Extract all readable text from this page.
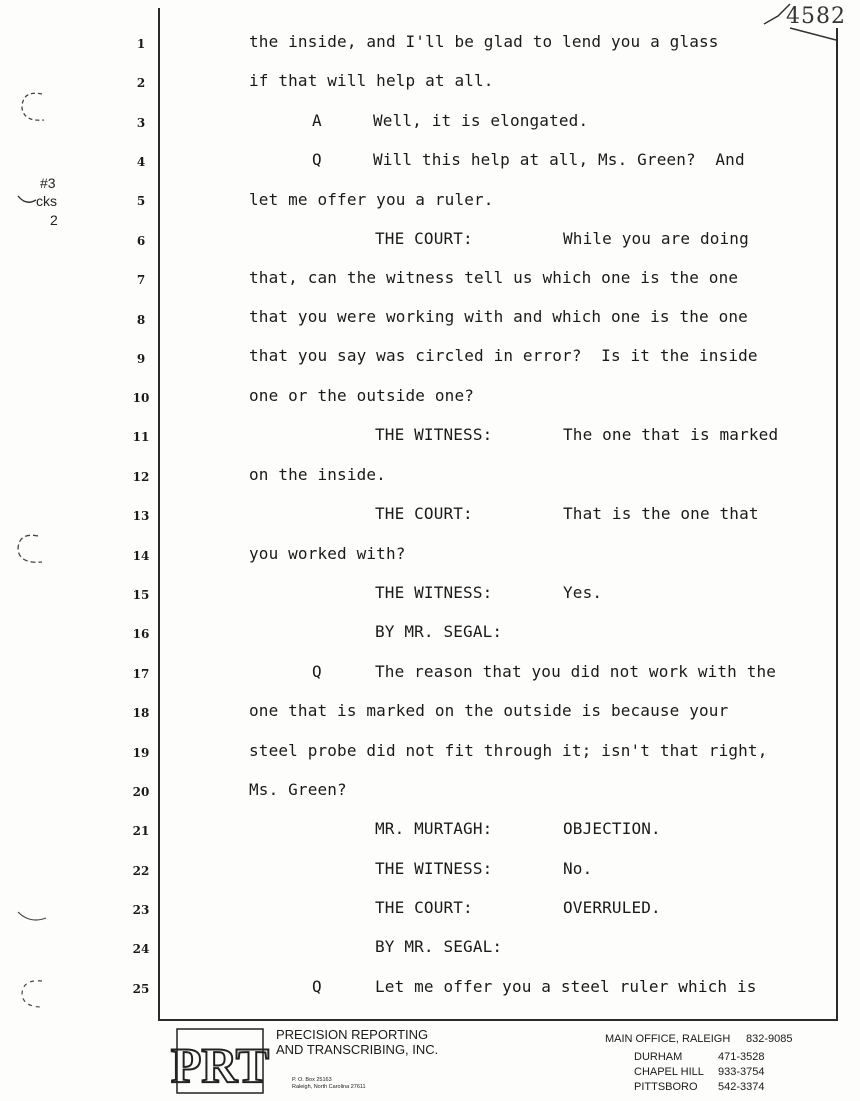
4582
#3
cks
2
1	the inside, and I'll be glad to lend you a glass
2	if that will help at all.
3	A	Well, it is elongated.
4	Q	Will this help at all, Ms. Green?  And
5	let me offer you a ruler.
6	THE COURT:	While you are doing
7	that, can the witness tell us which one is the one
8	that you were working with and which one is the one
9	that you say was circled in error?  Is it the inside
10	one or the outside one?
11	THE WITNESS:	The one that is marked
12	on the inside.
13	THE COURT:	That is the one that
14	you worked with?
15	THE WITNESS:	Yes.
16	BY MR. SEGAL:
17	Q	The reason that you did not work with the
18	one that is marked on the outside is because your
19	steel probe did not fit through it; isn't that right,
20	Ms. Green?
21	MR. MURTAGH:	OBJECTION.
22	THE WITNESS:	No.
23	THE COURT:	OVERRULED.
24	BY MR. SEGAL:
25	Q	Let me offer you a steel ruler which is
PRT
PRECISION REPORTING
AND TRANSCRIBING, INC.
P. O. Box 25163
Raleigh, North Carolina 27611
MAIN OFFICE, RALEIGH 832-9085
DURHAM	471-3528
CHAPEL HILL 933-3754
PITTSBORO 542-3374
